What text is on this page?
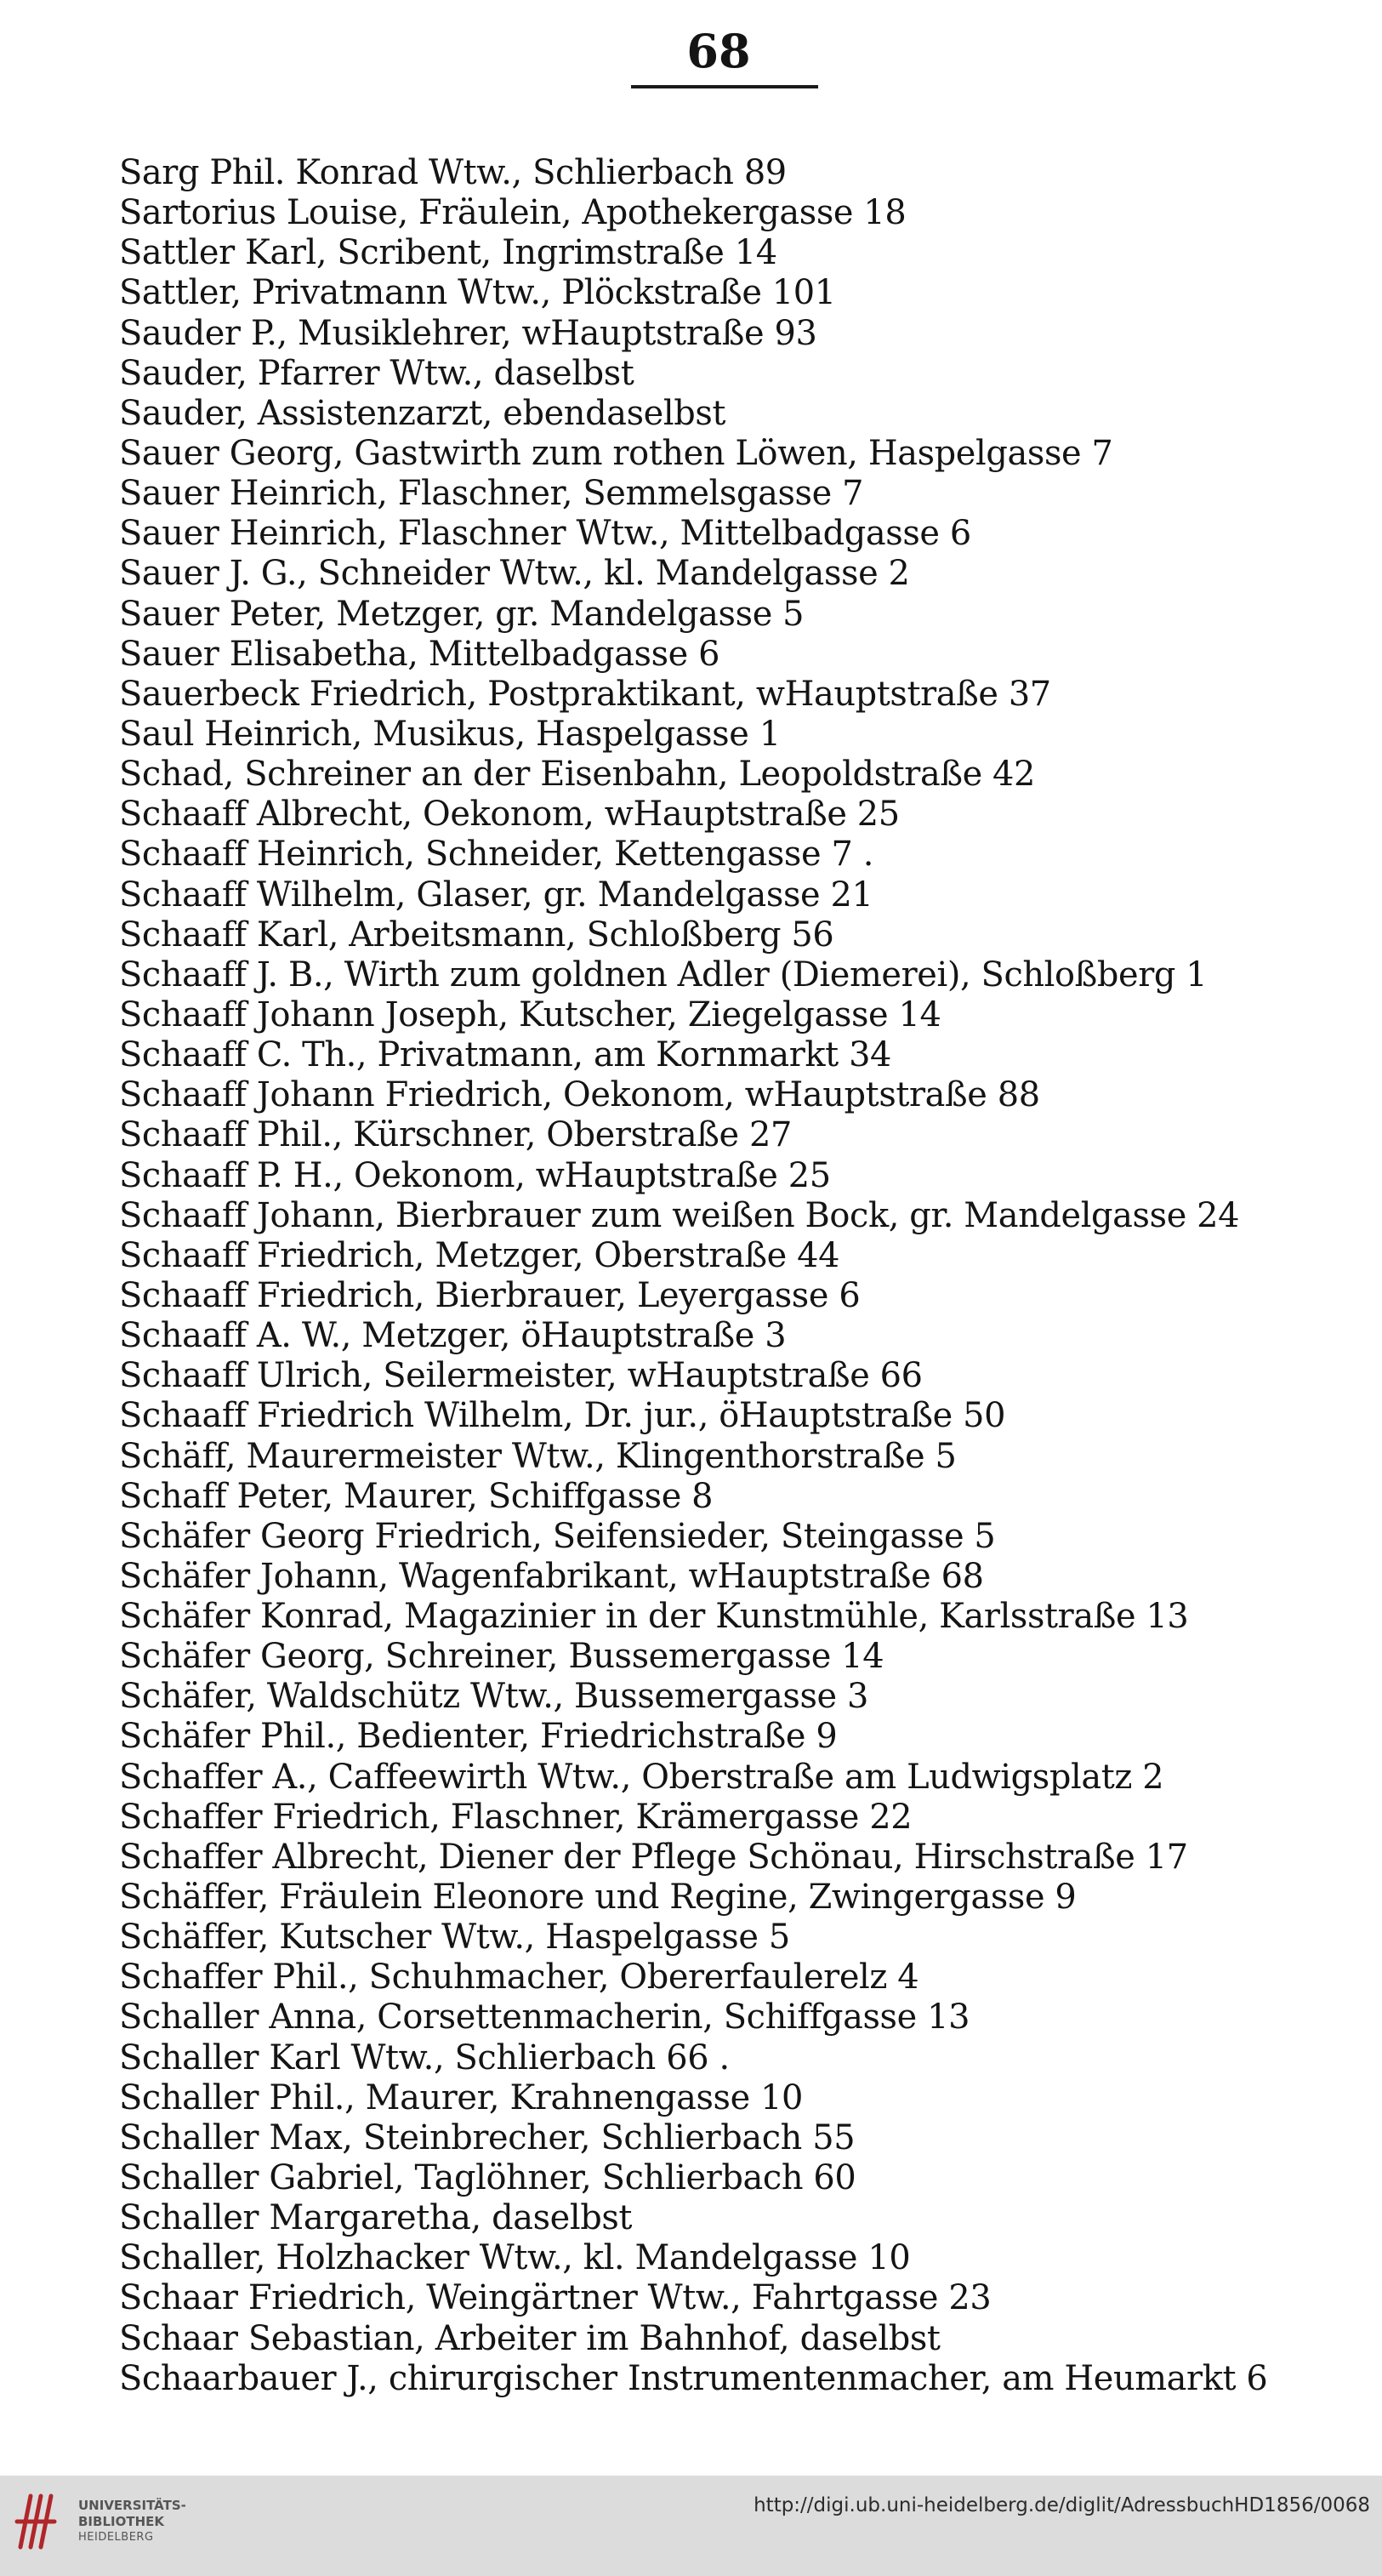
68
Sarg Phil. Konrad Wtw., Schlierbach 89
Sartorius Louise, Fräulein, Apothekergasse 18
Sattler Karl, Scribent, Ingrimstraße 14
Sattler, Privatmann Wtw., Plöckstraße 101
Sauder P., Musiklehrer, wHauptstraße 93
Sauder, Pfarrer Wtw., daselbst
Sauder, Assistenzarzt, ebendaselbst
Sauer Georg, Gastwirth zum rothen Löwen, Haspelgasse 7
Sauer Heinrich, Flaschner, Semmelsgasse 7
Sauer Heinrich, Flaschner Wtw., Mittelbadgasse 6
Sauer J. G., Schneider Wtw., kl. Mandelgasse 2
Sauer Peter, Metzger, gr. Mandelgasse 5
Sauer Elisabetha, Mittelbadgasse 6
Sauerbeck Friedrich, Postpraktikant, wHauptstraße 37
Saul Heinrich, Musikus, Haspelgasse 1
Schad, Schreiner an der Eisenbahn, Leopoldstraße 42
Schaaff Albrecht, Oekonom, wHauptstraße 25
Schaaff Heinrich, Schneider, Kettengasse 7 .
Schaaff Wilhelm, Glaser, gr. Mandelgasse 21
Schaaff Karl, Arbeitsmann, Schloßberg 56
Schaaff J. B., Wirth zum goldnen Adler (Diemerei), Schloßberg 1
Schaaff Johann Joseph, Kutscher, Ziegelgasse 14
Schaaff C. Th., Privatmann, am Kornmarkt 34
Schaaff Johann Friedrich, Oekonom, wHauptstraße 88
Schaaff Phil., Kürschner, Oberstraße 27
Schaaff P. H., Oekonom, wHauptstraße 25
Schaaff Johann, Bierbrauer zum weißen Bock, gr. Mandelgasse 24
Schaaff Friedrich, Metzger, Oberstraße 44
Schaaff Friedrich, Bierbrauer, Leyergasse 6
Schaaff A. W., Metzger, öHauptstraße 3
Schaaff Ulrich, Seilermeister, wHauptstraße 66
Schaaff Friedrich Wilhelm, Dr. jur., öHauptstraße 50
Schäff, Maurermeister Wtw., Klingenthorstraße 5
Schaff Peter, Maurer, Schiffgasse 8
Schäfer Georg Friedrich, Seifensieder, Steingasse 5
Schäfer Johann, Wagenfabrikant, wHauptstraße 68
Schäfer Konrad, Magazinier in der Kunstmühle, Karlsstraße 13
Schäfer Georg, Schreiner, Bussemergasse 14
Schäfer, Waldschütz Wtw., Bussemergasse 3
Schäfer Phil., Bedienter, Friedrichstraße 9
Schaffer A., Caffeewirth Wtw., Oberstraße am Ludwigsplatz 2
Schaffer Friedrich, Flaschner, Krämergasse 22
Schaffer Albrecht, Diener der Pflege Schönau, Hirschstraße 17
Schäffer, Fräulein Eleonore und Regine, Zwingergasse 9
Schäffer, Kutscher Wtw., Haspelgasse 5
Schaffer Phil., Schuhmacher, Obererfaulerelz 4
Schaller Anna, Corsettenmacherin, Schiffgasse 13
Schaller Karl Wtw., Schlierbach 66 .
Schaller Phil., Maurer, Krahnengasse 10
Schaller Max, Steinbrecher, Schlierbach 55
Schaller Gabriel, Taglöhner, Schlierbach 60
Schaller Margaretha, daselbst
Schaller, Holzhacker Wtw., kl. Mandelgasse 10
Schaar Friedrich, Weingärtner Wtw., Fahrtgasse 23
Schaar Sebastian, Arbeiter im Bahnhof, daselbst
Schaarbauer J., chirurgischer Instrumentenmacher, am Heumarkt 6
UNIVERSITÄTS-
BIBLIOTHEK
HEIDELBERG
http://digi.ub.uni-heidelberg.de/diglit/AdressbuchHD1856/0068
